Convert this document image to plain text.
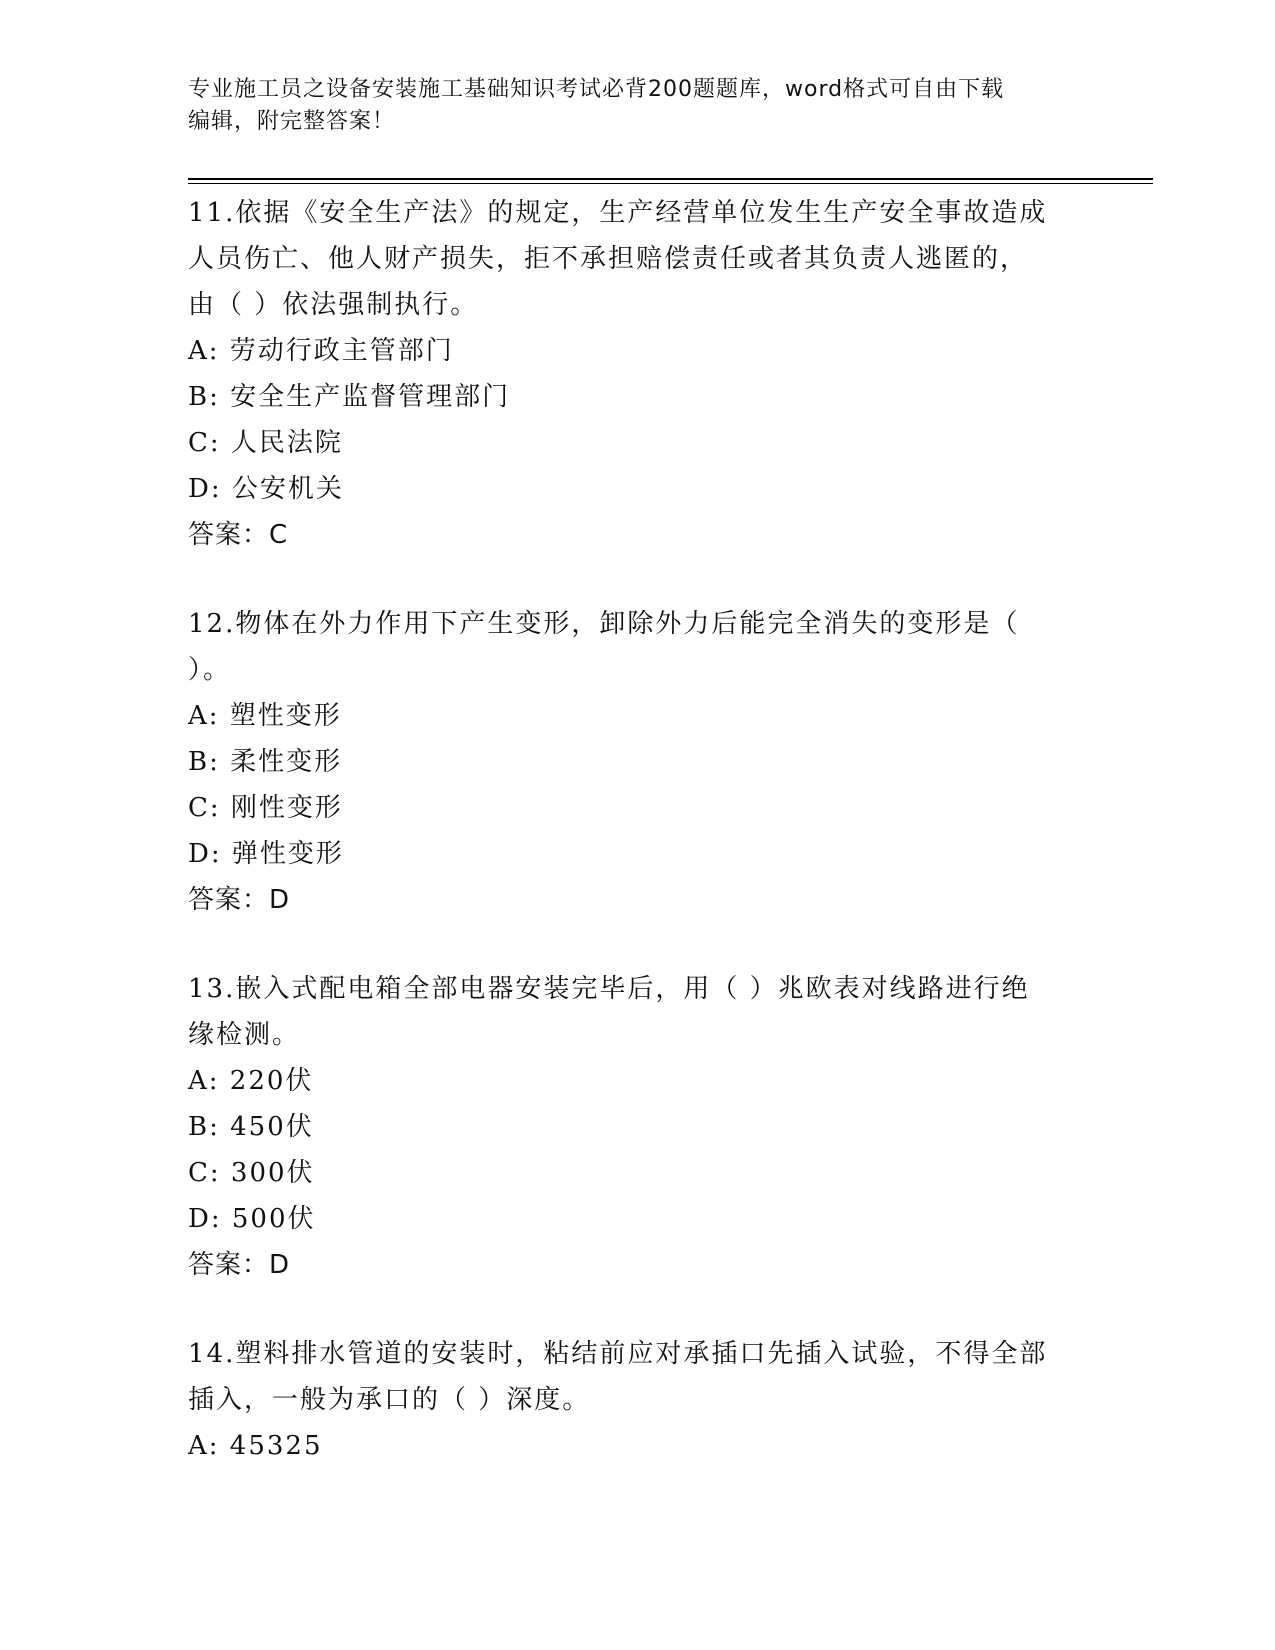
专业施工员之设备安装施工基础知识考试必背200题题库，word格式可自由下载
编辑，附完整答案！
11.依据《安全生产法》的规定，生产经营单位发生生产安全事故造成
人员伤亡、他人财产损失，拒不承担赔偿责任或者其负责人逃匿的，
由（ ）依法强制执行。
A: 劳动行政主管部门
B: 安全生产监督管理部门
C: 人民法院
D: 公安机关
答案：C
12.物体在外力作用下产生变形，卸除外力后能完全消失的变形是（
）。
A: 塑性变形
B: 柔性变形
C: 刚性变形
D: 弹性变形
答案：D
13.嵌入式配电箱全部电器安装完毕后，用（ ）兆欧表对线路进行绝
缘检测。
A: 220伏
B: 450伏
C: 300伏
D: 500伏
答案：D
14.塑料排水管道的安装时，粘结前应对承插口先插入试验，不得全部
插入，一般为承口的（ ）深度。
A: 45325
